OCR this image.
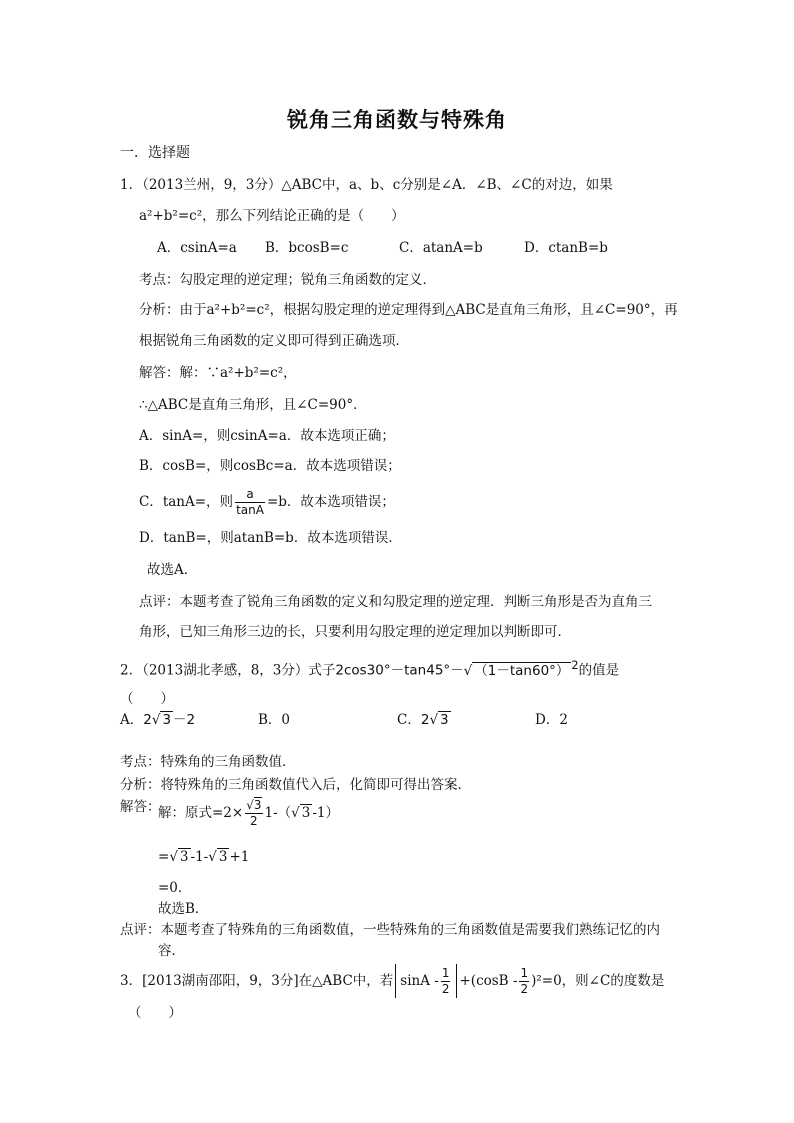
锐角三角函数与特殊角
一．选择题
1．（2013兰州，9，3分）△ABC中，a、b、c分别是∠A．∠B、∠C的对边，如果
a²+b²=c²，那么下列结论正确的是（　　）
A．csinA=a B．bcosB=c	C．atanA=b	D．ctanB=b
考点：勾股定理的逆定理；锐角三角函数的定义．
分析：由于a²+b²=c²，根据勾股定理的逆定理得到△ABC是直角三角形，且∠C=90°，再
根据锐角三角函数的定义即可得到正确选项．
解答：解：∵a²+b²=c²，
∴△ABC是直角三角形，且∠C=90°．
A．sinA=，则csinA=a．故本选项正确；
B．cosB=，则cosBc=a．故本选项错误；
C．tanA=，则 $\frac{a}{\tan A} =b$．故本选项错误；
D．tanB=，则atanB=b．故本选项错误．
故选A．
点评：本题考查了锐角三角函数的定义和勾股定理的逆定理．判断三角形是否为直角三
角形，已知三角形三边的长，只要利用勾股定理的逆定理加以判断即可．
2．（2013湖北孝感，8，3分）式子2cos30°－tan45°－√ （1－tan60°） $^2$的值是
（　　）
A．2√ 3 －2	B．0	C．2√ 3	D．2
考点：特殊角的三角函数值．
分析：将特殊角的三角函数值代入后，化简即可得出答案．
解答：
解：原式$=2\times \frac{√3}{2} 1-(√$ 3 -1）
=√ 3 -1-√ 3 +1
=0．
故选B．
点评：本题考查了特殊角的三角函数值，一些特殊角的三角函数值是需要我们熟练记忆的内
容．
3．[2013湖南邵阳，9，3分]在△ABC中，若 $\sin A - \frac{1}{2} +(\cos B - \frac{1}{2} )^2=0$，则∠C的度数是
（　　）
